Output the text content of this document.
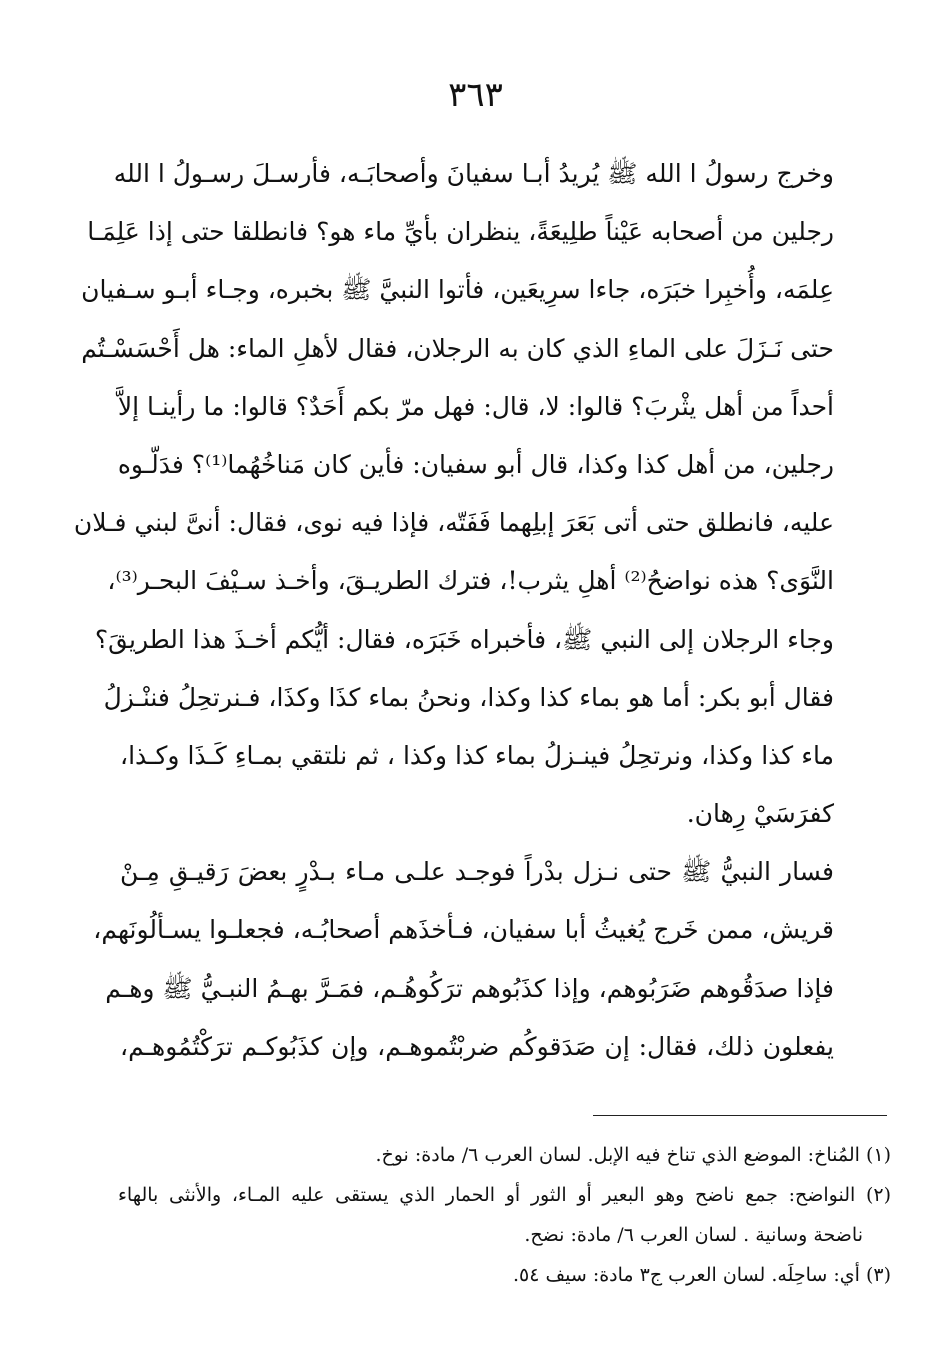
٣٦٣
وخرج رسولُ ا الله ﷺ يُريدُ أبـا سفيانَ وأصحابَـه، فأرسـلَ رسـولُ ا الله
رجلين من أصحابه عَيْناً طلِيعَةً، ينظران بأيِّ ماء هو؟ فانطلقا حتى إذا عَلِمَـا
عِلمَه، وأُخبِرا خبَرَه، جاءا سرِيعَين، فأتوا النبيَّ ﷺ بخبره، وجـاء أبـو سـفيان
حتى نَـزَلَ على الماءِ الذي كان به الرجلان، فقال لأهلِ الماء: هل أَحْسَسْـتُم
أحداً من أهل يثْربَ؟ قالوا: لا، قال: فهل مرّ بكم أَحَدٌ؟ قالوا: ما رأينـا إلاَّ
رجلين، من أهل كذا وكذا، قال أبو سفيان: فأين كان مَناخُهُما⁽¹⁾؟ فدَلّـوه
عليه، فانطلق حتى أتى بَعَرَ إبلِهما فَفَتّه، فإذا فيه نوى، فقال: أنىَّ لبني فـلان
النَّوَى؟ هذه نواضحُ⁽²⁾ أهلِ يثرب!، فترك الطريـقَ، وأخـذ سـيْفَ البحـر⁽³⁾،
وجاء الرجلان إلى النبي ﷺ، فأخبراه خَبَرَه، فقال: أيُّكم أخـذَ هذا الطريقَ؟
فقال أبو بكر: أما هو بماء كذا وكذا، ونحنُ بماء كذَا وكذَا، فـنرتحِلُ فننْـزلُ
ماء كذا وكذا، ونرتحِلُ فينـزلُ بماء كذا وكذا ، ثم نلتقي بمـاءِ كَـذَا وكـذا،
كفرَسَيْ رِهان.
فسار النبيُّ ﷺ حتى نـزل بدْراً فوجـد علـى مـاء بـدْرٍ بعضَ رَقيـقِ مِـنْ
قريش، ممن خَرج يُغيثُ أبا سفيان، فـأخذَهم أصحابُـه، فجعلـوا يسـألُونَهم،
فإذا صدَقُوهم ضَرَبُوهم، وإذا كذَبُوهم ترَكُوهُـم، فمَـرَّ بهـمُ النبـيُّ ﷺ وهـم
يفعلون ذلك، فقال: إن صَدَقوكُم ضربْتُموهـم، وإن كذَبُوكـم ترَكْتُمُوهـم،
(١) المُناخ: الموضع الذي تناخ فيه الإبل. لسان العرب ٦/ مادة: نوخ.
(٢) النواضح: جمع ناضح وهو البعير أو الثور أو الحمار الذي يستقى عليه المـاء، والأنثى بالهاء
ناضحة وسانية . لسان العرب ٦/ مادة: نضح.
(٣) أي: ساحِلَه. لسان العرب ج٣ مادة: سيف ٥٤.
